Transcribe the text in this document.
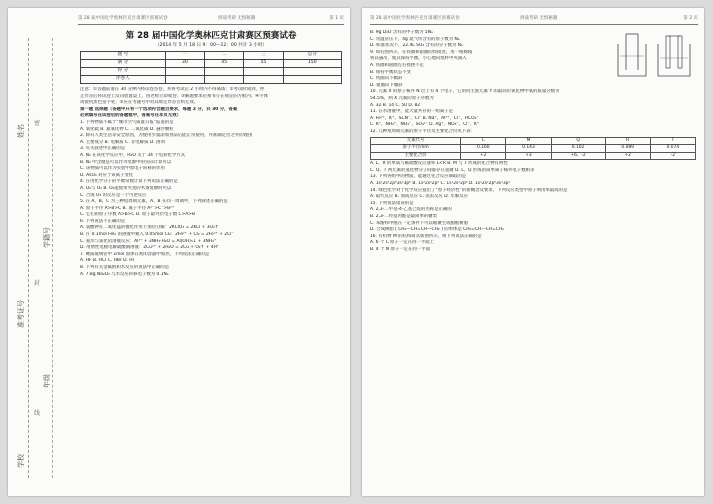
第 28 届中国化学奥林匹克甘肃赛区预赛试卷	拼战考研 无惧秘籍	第 1 页
学校
年级
准考证号
学籍号
姓名
密
封
线
第 28 届中国化学奥林匹克甘肃赛区预赛试卷
（2014 年 5 月 18 日 9：00—12：00 共计 3 小时）
题 号	一	二	三	总分
满 分	30	45	55	150
得 分				
评卷人				
注意：①答题前请在 30 分钟内将试卷答卷，并将考试后 2 小时内不得离场；②考试时间到，停
止作答后将试卷上反向放置桌上，由老师立即收卷；③解题要求必须书写在规定的方框内；④字体
请使用黑色签字笔；⑤应在考题号中对其规定作答否则无效。
第一题 选择题（各题中只有一个选项符合题目要求，每题 2 分，共 30 分，答案
必须填写在试卷后的答题框中，答案写在本页无效）
1. 下列物质不属于“城市空气质量日报”报道的是
A. 氧化硫 B. 氮氧化物 C. 二氧化碳 D. 悬浮颗粒
2. 除有人类生活等安全原因，为使用少量添加食品后能正常使用，并准确定位之外的理由
A. 主要成分 B. 电解质 C. 非电解质 D. 溶剂
3. 有关叙述中正确的是
A. N₂ 在该化学反应中，H₂O 关于 34 个电荷化学方式
B. N₂ 中含键是可以作为电源中的实际计算可以
C. 该物质可以作为实验中原电子转移的作用
D. AsO₄ 对应于该离子变化
4. 在用化学分子的平衡常数计算下列说法正确的是
A. O₂与 O₃ B. O₂能使带火星的木条复燃时可以
C. 合成 O₃ 的反应是一个可逆反应
5. 在 A、B、C 为三种短周期元素，A、B 在同一周期中，下列叙述正确的是
A. 原子半径 A>B>C B. 离子半径 A²⁻>C⁻>B²⁺
C. 它们的原子序数 A>B>C D. 原子最外层电子数 C>A>B
6. 下列说法不正确的是
A. 氯酸钾在二氧化锰的催化作用下加热分解：2KClO₃ = 2KCl + 3O₂↑
B. 在 0.1mol FeI₂ 的溶液中通入 0.05mol Cl₂：2Fe²⁺ + Cl₂ = 2Fe³⁺ + 2Cl⁻
C. 氨水与氯化铝溶液反应：Al³⁺ + 3NH₃·H₂O = Al(OH)₃↓ + 3NH₄⁺
D. 用惰性电极电解硫酸铜溶液：2Cu²⁺ + 2H₂O = 2Cu + O₂↑ + 4H⁺
7. 硬质玻璃管中 1mol 固体在密闭容器中加热，下列说法正确的是
A. HF B. HCl C. HBr D. HI
8. 下列有关金属钠和水反应的说法中正确的是
A. 7.8g Na₂O₂ 与水反应转移电子数为 0.1Nₐ
第 28 届中国化学奥林匹克甘肃赛区预赛试卷	拼战考研 无惧秘籍	第 2 页
B. 9g D₂O 含有的中子数为 5Nₐ
C. 常温常压下，4g 氦气所含有的原子数为 Nₐ
D. 标准状况下，22.4L SO₃ 含有的分子数为 Nₐ
9. 如右图所示，在铁圈和银圈的焊接处，用一根棉线
将其悬吊，使其保持平衡，小心地向烧杯中央滴入
A. 铁圈和银圈左右摇摆不定
B. 保持平衡状态不变
C. 铁圈向下倾斜
D. 银圈向下倾斜
10. 元素 X 的原子核外 N 层上有 4 个电子，它的同主族元素 Y 的最高价氧化物中氧的质量分数为
54.5%，则 X 元素的原子序数为
A. 32 B. 14 C. 50 D. 82
11. 在水溶液中，能大量共存的一组离子是
A. Fe³⁺、K⁺、SCN⁻、Cl⁻ B. Na⁺、Al³⁺、Cl⁻、HCO₃⁻
C. K⁺、NH₄⁺、NO₃⁻、SO₄²⁻ D. Ag⁺、NO₃⁻、Cl⁻、K⁺
12. 几种短周期元素的原子半径及主要化合价见下表：
元素代号	L	M	Q	R	T
原子半径/nm	0.160	0.143	0.102	0.089	0.074
主要化合价	+2	+3	+6、-2	+2	-2
A. L、R 的单质与稀盐酸反应速率 L<R B. M 与 T 形成的化合物有两性
C. Q、T 两元素的氢化物分子间都存在氢键 D. L、Q 形成的简单离子核外电子数相等
13. 下列各组中的物质，能通过化合反应制取的是
A. 1s²2s²2p⁶3s²3p⁶ B. 1s²2s²2p⁵ C. 1s²2s²2p⁶ D. 1s²2s²2p⁶3s²3p⁵
14. 绿色化学对于化学反应提出了“原子经济性”的新概念及要求，下列反应类型中原子利用率最高的是
A. 取代反应 B. 加成反应 C. 消去反应 D. 水解反应
15. 下列说法错误的是
A. 2,3-二甲基-4-乙基己烷的名称是正确的
B. 2,3-二羟基丙醛是最简单的糖类
C. 苯酚和甲醛在一定条件下可以缩聚生成酚醛树脂
D. 合成树脂 [ CH₂—CH=CH—CH₂ ] 的单体是 CH₂=CH—CH=CH₂
16. 有机物 M 的结构简式如图所示，则下列说法正确的是
A. 6 个 C 原子一定在同一平面上
B. 4 个 N 原子一定在同一平面
